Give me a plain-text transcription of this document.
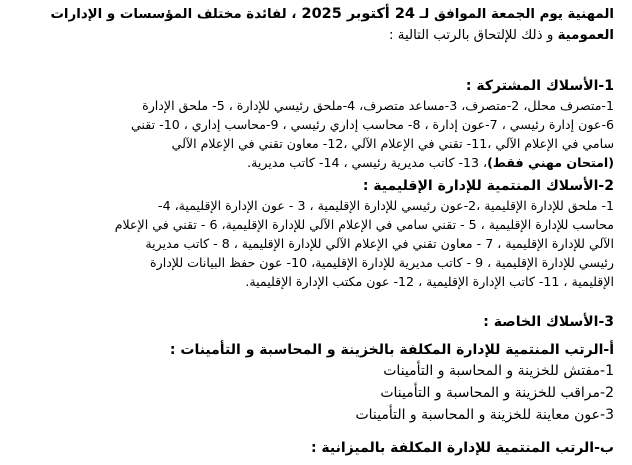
المهنية يوم الجمعة الموافق لـ 24 أكتوبر 2025 ، لفائدة مختلف المؤسسات و الإدارات
العمومية و ذلك للإلتحاق بالرتب التالية :
1-الأسلاك المشتركة :
1-متصرف محلل، 2-متصرف، 3-مساعد متصرف، 4-ملحق رئيسي للإدارة ، 5- ملحق الإدارة
6-عون إدارة رئيسي ، 7-عون إدارة ، 8- محاسب إداري رئيسي ، 9-محاسب إداري ، 10- تقني
سامي في الإعلام الآلي ،11- تقني في الإعلام الآلي ،12- معاون تقني في الإعلام الآلي
(امتحان مهني فقط)، 13- كاتب مديرية رئيسي ، 14- كاتب مديرية.
2-الأسلاك المنتمية للإدارة الإقليمية :
1- ملحق للإدارة الإقليمية ،2-عون رئيسي للإدارة الإقليمية ، 3 - عون الإدارة الإقليمية، 4-
محاسب للإدارة الإقليمية ، 5 - تقني سامي في الإعلام الآلي للإدارة الإقليمية، 6 - تقني في الإعلام
الآلي للإدارة الإقليمية ، 7 - معاون تقني في الإعلام الآلي للإدارة الإقليمية ، 8 - كاتب مديرية
رئيسي للإدارة الإقليمية ، 9 - كاتب مديرية للإدارة الإقليمية، 10- عون حفظ البيانات للإدارة
الإقليمية ، 11- كاتب الإدارة الإقليمية ، 12- عون مكتب الإدارة الإقليمية.
3-الأسلاك الخاصة :
أ-الرتب المنتمية للإدارة المكلفة بالخزينة و المحاسبة و التأمينات :
1-مفتش للخزينة و المحاسبة و التأمينات
2-مراقب للخزينة و المحاسبة و التأمينات
3-عون معاينة للخزينة و المحاسبة و التأمينات
ب-الرتب المنتمية للإدارة المكلفة بالميزانية :
